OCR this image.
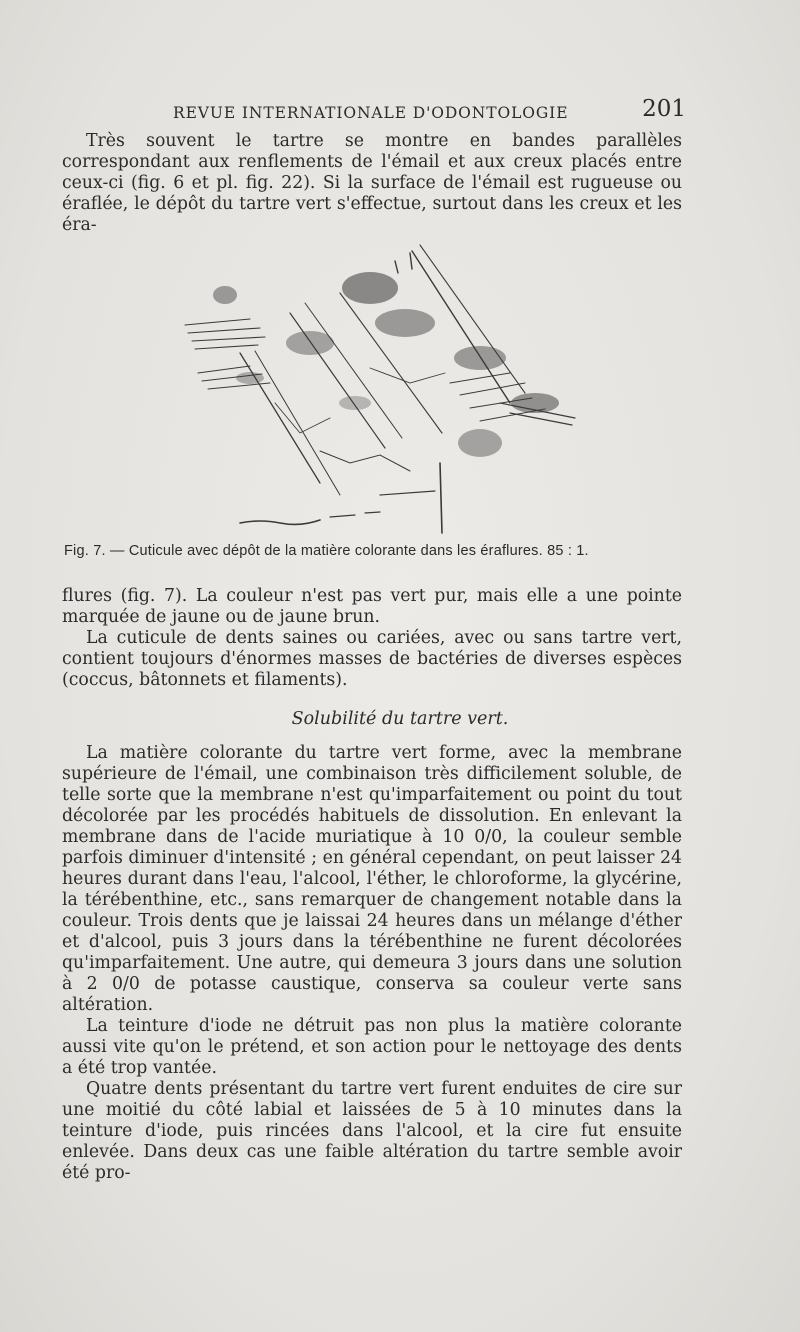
REVUE INTERNATIONALE D'ODONTOLOGIE	201

Très souvent le tartre se montre en bandes parallèles correspondant aux renflements de l'émail et aux creux placés entre ceux-ci (fig. 6 et pl. fig. 22). Si la surface de l'émail est rugueuse ou éraflée, le dépôt du tartre vert s'effectue, surtout dans les creux et les éra-

Fig. 7. — Cuticule avec dépôt de la matière colorante dans les éraflures. 85 : 1.

flures (fig. 7). La couleur n'est pas vert pur, mais elle a une pointe marquée de jaune ou de jaune brun.

La cuticule de dents saines ou cariées, avec ou sans tartre vert, contient toujours d'énormes masses de bactéries de diverses espèces (coccus, bâtonnets et filaments).

Solubilité du tartre vert.

La matière colorante du tartre vert forme, avec la membrane supérieure de l'émail, une combinaison très difficilement soluble, de telle sorte que la membrane n'est qu'imparfaitement ou point du tout décolorée par les procédés habituels de dissolution. En enlevant la membrane dans de l'acide muriatique à 10 0/0, la couleur semble parfois diminuer d'intensité ; en général cependant, on peut laisser 24 heures durant dans l'eau, l'alcool, l'éther, le chloroforme, la glycérine, la térébenthine, etc., sans remarquer de changement notable dans la couleur. Trois dents que je laissai 24 heures dans un mélange d'éther et d'alcool, puis 3 jours dans la térébenthine ne furent décolorées qu'imparfaitement. Une autre, qui demeura 3 jours dans une solution à 2 0/0 de potasse caustique, conserva sa couleur verte sans altération.

La teinture d'iode ne détruit pas non plus la matière colorante aussi vite qu'on le prétend, et son action pour le nettoyage des dents a été trop vantée.

Quatre dents présentant du tartre vert furent enduites de cire sur une moitié du côté labial et laissées de 5 à 10 minutes dans la teinture d'iode, puis rincées dans l'alcool, et la cire fut ensuite enlevée. Dans deux cas une faible altération du tartre semble avoir été pro-
